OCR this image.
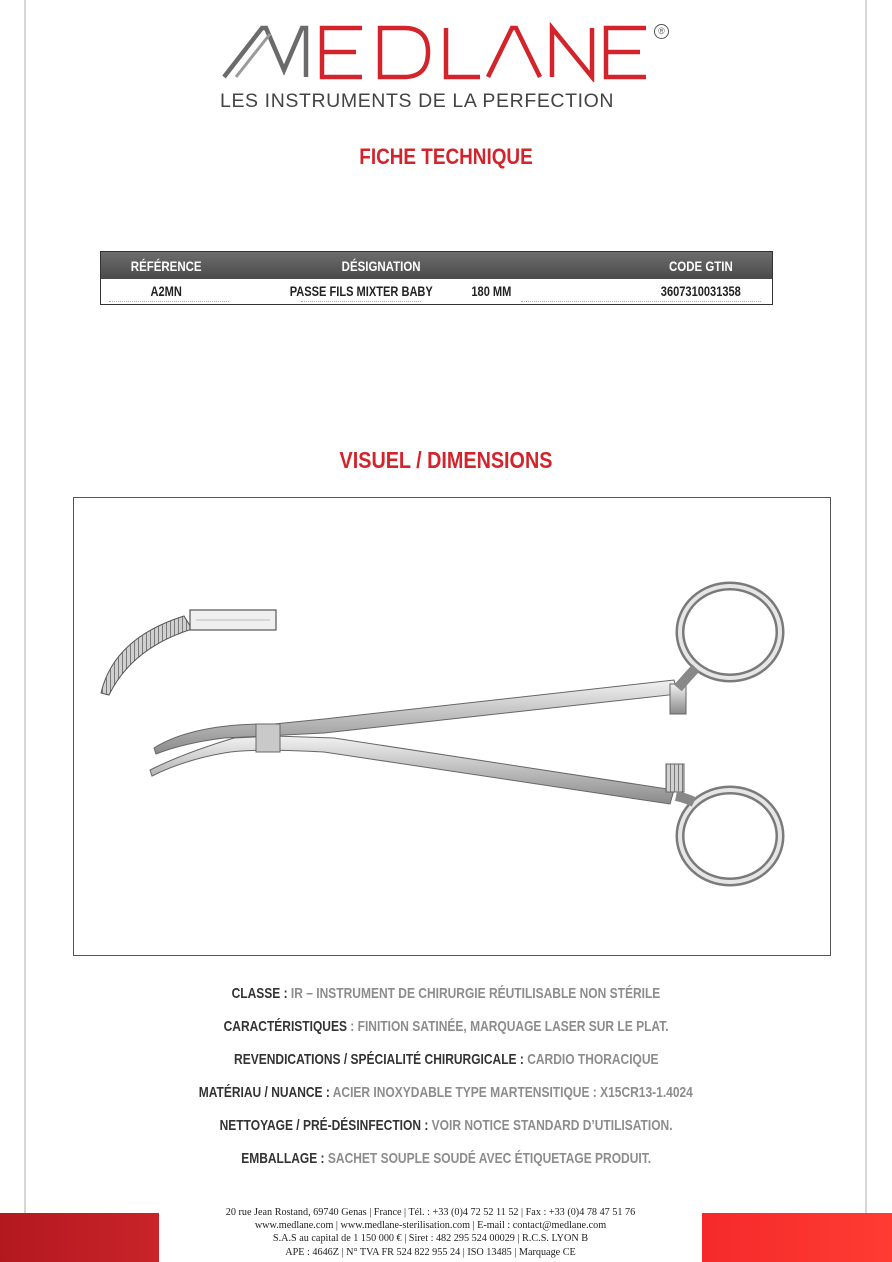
®
LES INSTRUMENTS DE LA PERFECTION
FICHE TECHNIQUE
RÉFÉRENCE	DÉSIGNATION	CODE GTIN
A2MN	PASSE FILS MIXTER BABY	180 MM	3607310031358
VISUEL / DIMENSIONS
CLASSE : IR – INSTRUMENT DE CHIRURGIE RÉUTILISABLE NON STÉRILE
CARACTÉRISTIQUES : FINITION SATINÉE, MARQUAGE LASER SUR LE PLAT.
REVENDICATIONS / SPÉCIALITÉ CHIRURGICALE : CARDIO THORACIQUE
MATÉRIAU / NUANCE : ACIER INOXYDABLE TYPE MARTENSITIQUE : X15CR13-1.4024
NETTOYAGE / PRÉ-DÉSINFECTION : VOIR NOTICE STANDARD D’UTILISATION.
EMBALLAGE : SACHET SOUPLE SOUDÉ AVEC ÉTIQUETAGE PRODUIT.
20 rue Jean Rostand, 69740 Genas | France | Tél. : +33 (0)4 72 52 11 52 | Fax : +33 (0)4 78 47 51 76
www.medlane.com | www.medlane-sterilisation.com | E-mail : contact@medlane.com
S.A.S au capital de 1 150 000 € | Siret : 482 295 524 00029 | R.C.S. LYON B
APE : 4646Z | N° TVA FR 524 822 955 24 | ISO 13485 | Marquage CE
